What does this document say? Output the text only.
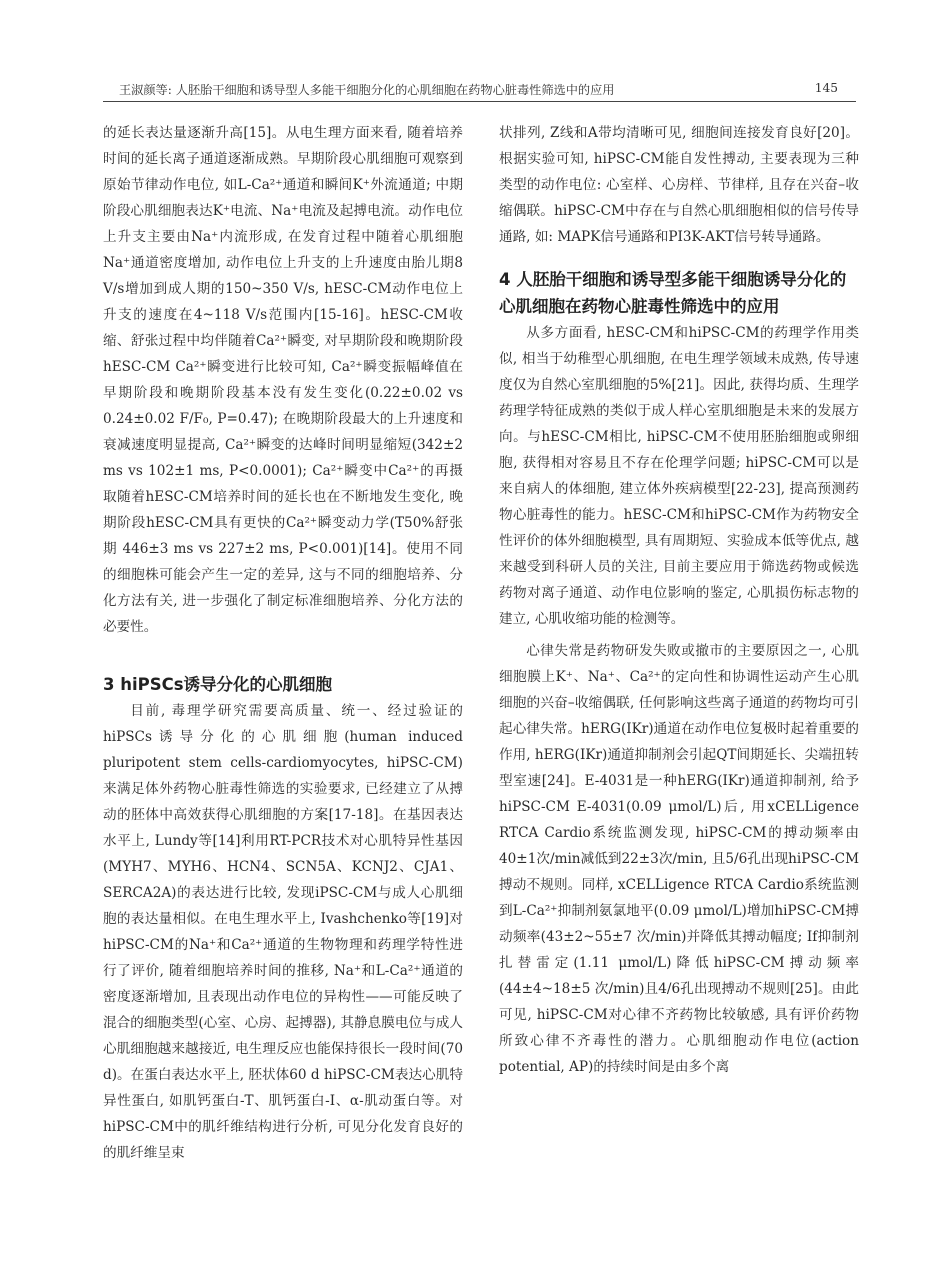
王淑颜等: 人胚胎干细胞和诱导型人多能干细胞分化的心肌细胞在药物心脏毒性筛选中的应用	145

的延长表达量逐渐升高[15]。从电生理方面来看, 随着培养时间的延长离子通道逐渐成熟。早期阶段心肌细胞可观察到原始节律动作电位, 如L-Ca²⁺通道和瞬间K⁺外流通道; 中期阶段心肌细胞表达K⁺电流、Na⁺电流及起搏电流。动作电位上升支主要由Na⁺内流形成, 在发育过程中随着心肌细胞Na⁺通道密度增加, 动作电位上升支的上升速度由胎儿期8 V/s增加到成人期的150~350 V/s, hESC-CM动作电位上升支的速度在4~118 V/s范围内[15-16]。hESC-CM收缩、舒张过程中均伴随着Ca²⁺瞬变, 对早期阶段和晚期阶段hESC-CM Ca²⁺瞬变进行比较可知, Ca²⁺瞬变振幅峰值在早期阶段和晚期阶段基本没有发生变化(0.22±0.02 vs 0.24±0.02 F/F₀, P=0.47); 在晚期阶段最大的上升速度和衰减速度明显提高, Ca²⁺瞬变的达峰时间明显缩短(342±2 ms vs 102±1 ms, P<0.0001); Ca²⁺瞬变中Ca²⁺的再摄取随着hESC-CM培养时间的延长也在不断地发生变化, 晚期阶段hESC-CM具有更快的Ca²⁺瞬变动力学(T50%舒张期 446±3 ms vs 227±2 ms, P<0.001)[14]。使用不同的细胞株可能会产生一定的差异, 这与不同的细胞培养、分化方法有关, 进一步强化了制定标准细胞培养、分化方法的必要性。

3 hiPSCs诱导分化的心肌细胞

目前, 毒理学研究需要高质量、统一、经过验证的hiPSCs诱导分化的心肌细胞(human induced pluripotent stem cells-cardiomyocytes, hiPSC-CM)来满足体外药物心脏毒性筛选的实验要求, 已经建立了从搏动的胚体中高效获得心肌细胞的方案[17-18]。在基因表达水平上, Lundy等[14]利用RT-PCR技术对心肌特异性基因(MYH7、MYH6、HCN4、SCN5A、KCNJ2、CJA1、SERCA2A)的表达进行比较, 发现iPSC-CM与成人心肌细胞的表达量相似。在电生理水平上, Ivashchenko等[19]对hiPSC-CM的Na⁺和Ca²⁺通道的生物物理和药理学特性进行了评价, 随着细胞培养时间的推移, Na⁺和L-Ca²⁺通道的密度逐渐增加, 且表现出动作电位的异构性——可能反映了混合的细胞类型(心室、心房、起搏器), 其静息膜电位与成人心肌细胞越来越接近, 电生理反应也能保持很长一段时间(70 d)。在蛋白表达水平上, 胚状体60 d hiPSC-CM表达心肌特异性蛋白, 如肌钙蛋白-T、肌钙蛋白-I、α-肌动蛋白等。对hiPSC-CM中的肌纤维结构进行分析, 可见分化发育良好的的肌纤维呈束

状排列, Z线和A带均清晰可见, 细胞间连接发育良好[20]。根据实验可知, hiPSC-CM能自发性搏动, 主要表现为三种类型的动作电位: 心室样、心房样、节律样, 且存在兴奋–收缩偶联。hiPSC-CM中存在与自然心肌细胞相似的信号传导通路, 如: MAPK信号通路和PI3K-AKT信号转导通路。

4 人胚胎干细胞和诱导型多能干细胞诱导分化的心肌细胞在药物心脏毒性筛选中的应用

从多方面看, hESC-CM和hiPSC-CM的药理学作用类似, 相当于幼稚型心肌细胞, 在电生理学领域未成熟, 传导速度仅为自然心室肌细胞的5%[21]。因此, 获得均质、生理学药理学特征成熟的类似于成人样心室肌细胞是未来的发展方向。与hESC-CM相比, hiPSC-CM不使用胚胎细胞或卵细胞, 获得相对容易且不存在伦理学问题; hiPSC-CM可以是来自病人的体细胞, 建立体外疾病模型[22-23], 提高预测药物心脏毒性的能力。hESC-CM和hiPSC-CM作为药物安全性评价的体外细胞模型, 具有周期短、实验成本低等优点, 越来越受到科研人员的关注, 目前主要应用于筛选药物或候选药物对离子通道、动作电位影响的鉴定, 心肌损伤标志物的建立, 心肌收缩功能的检测等。

心律失常是药物研发失败或撤市的主要原因之一, 心肌细胞膜上K⁺、Na⁺、Ca²⁺的定向性和协调性运动产生心肌细胞的兴奋–收缩偶联, 任何影响这些离子通道的药物均可引起心律失常。hERG(IKr)通道在动作电位复极时起着重要的作用, hERG(IKr)通道抑制剂会引起QT间期延长、尖端扭转型室速[24]。E-4031是一种hERG(IKr)通道抑制剂, 给予hiPSC-CM E-4031(0.09 μmol/L)后, 用xCELLigence RTCA Cardio系统监测发现, hiPSC-CM的搏动频率由40±1次/min减低到22±3次/min, 且5/6孔出现hiPSC-CM搏动不规则。同样, xCELLigence RTCA Cardio系统监测到L-Ca²⁺抑制剂氨氯地平(0.09 μmol/L)增加hiPSC-CM搏动频率(43±2~55±7 次/min)并降低其搏动幅度; If抑制剂扎替雷定(1.11 μmol/L)降低hiPSC-CM搏动频率(44±4~18±5 次/min)且4/6孔出现搏动不规则[25]。由此可见, hiPSC-CM对心律不齐药物比较敏感, 具有评价药物所致心律不齐毒性的潜力。心肌细胞动作电位(action potential, AP)的持续时间是由多个离
